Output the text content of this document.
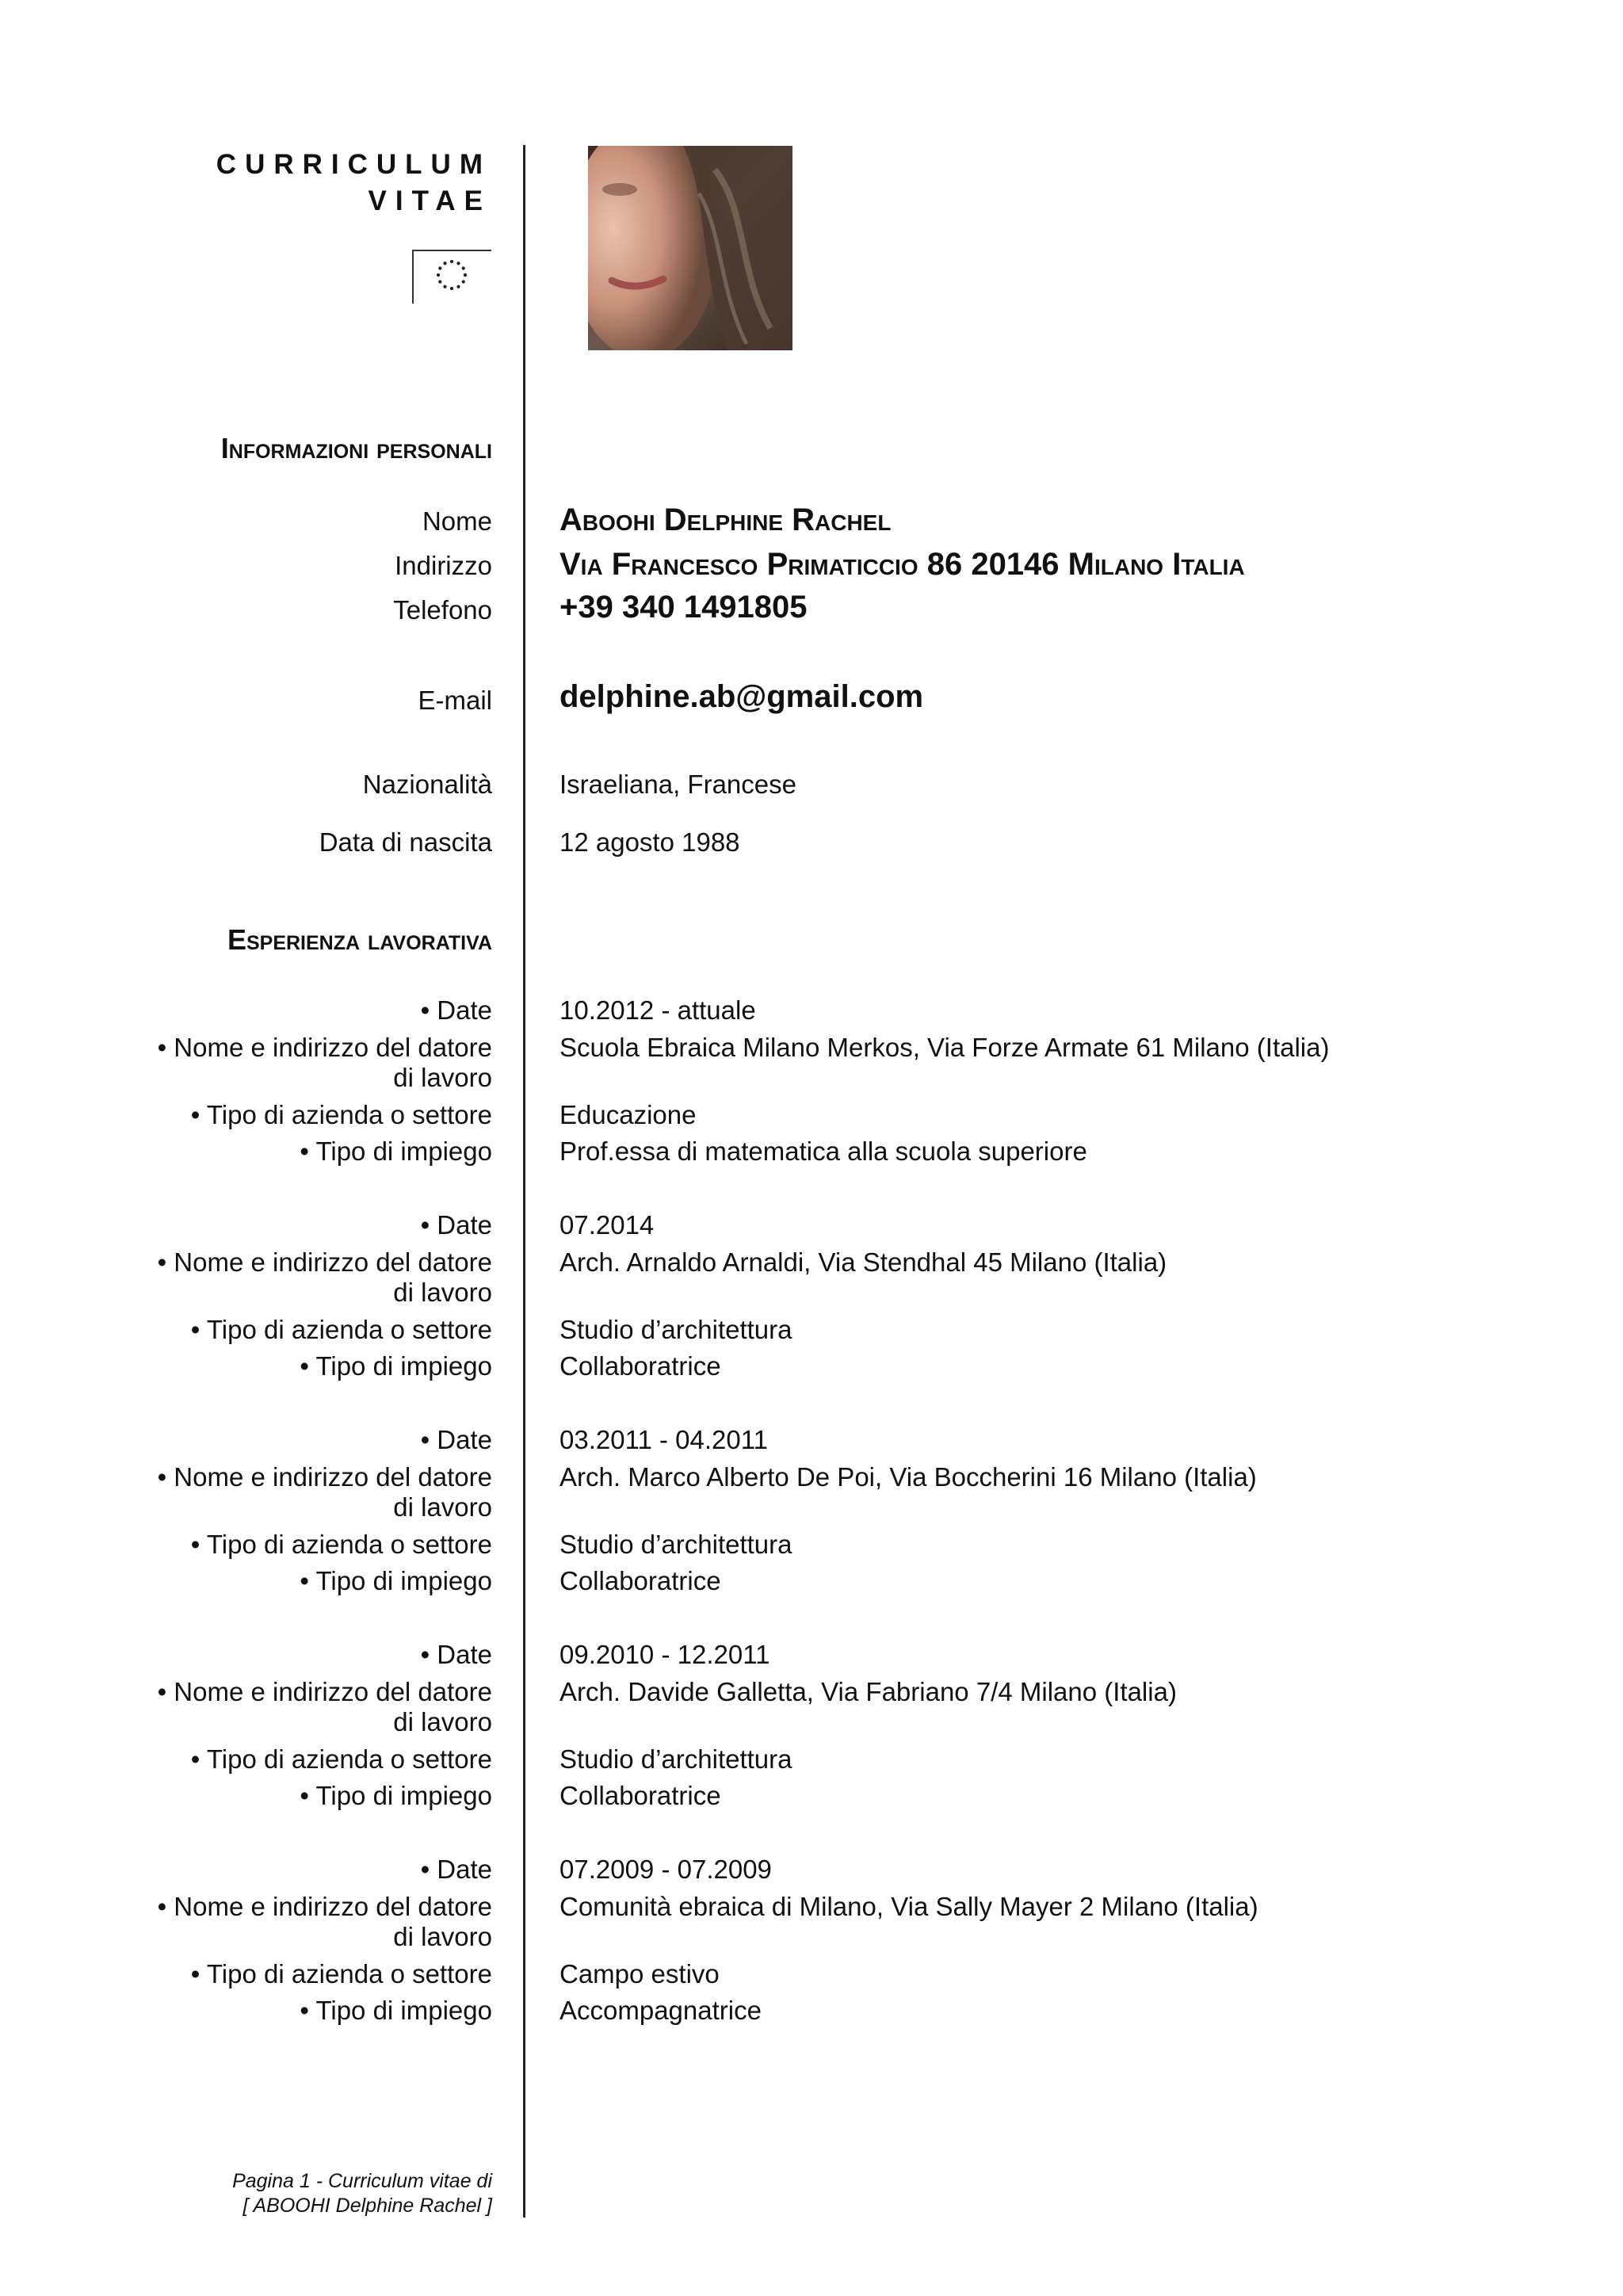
CURRICULUM
VITAE
Informazioni personali
Nome Aboohi Delphine Rachel
Indirizzo Via Francesco Primaticcio 86 20146 Milano Italia
Telefono +39 340 1491805
E-mail delphine.ab@gmail.com
Nazionalità	Israeliana, Francese
Data di nascita	12 agosto 1988
Esperienza lavorativa
• Date
• Nome e indirizzo del datore
di lavoro
• Tipo di azienda o settore
• Tipo di impiego
10.2012 - attuale
Scuola Ebraica Milano Merkos, Via Forze Armate 61 Milano (Italia)
Educazione
Prof.essa di matematica alla scuola superiore
• Date
• Nome e indirizzo del datore
di lavoro
• Tipo di azienda o settore
• Tipo di impiego
07.2014
Arch. Arnaldo Arnaldi, Via Stendhal 45 Milano (Italia)
Studio d’architettura
Collaboratrice
• Date
• Nome e indirizzo del datore
di lavoro
• Tipo di azienda o settore
• Tipo di impiego
03.2011 - 04.2011
Arch. Marco Alberto De Poi, Via Boccherini 16 Milano (Italia)
Studio d’architettura
Collaboratrice
• Date
• Nome e indirizzo del datore
di lavoro
• Tipo di azienda o settore
• Tipo di impiego
09.2010 - 12.2011
Arch. Davide Galletta, Via Fabriano 7/4 Milano (Italia)
Studio d’architettura
Collaboratrice
• Date
• Nome e indirizzo del datore
di lavoro
• Tipo di azienda o settore
• Tipo di impiego
07.2009 - 07.2009
Comunità ebraica di Milano, Via Sally Mayer 2 Milano (Italia)
Campo estivo
Accompagnatrice
Pagina 1 - Curriculum vitae di
[ ABOOHI Delphine Rachel ]
